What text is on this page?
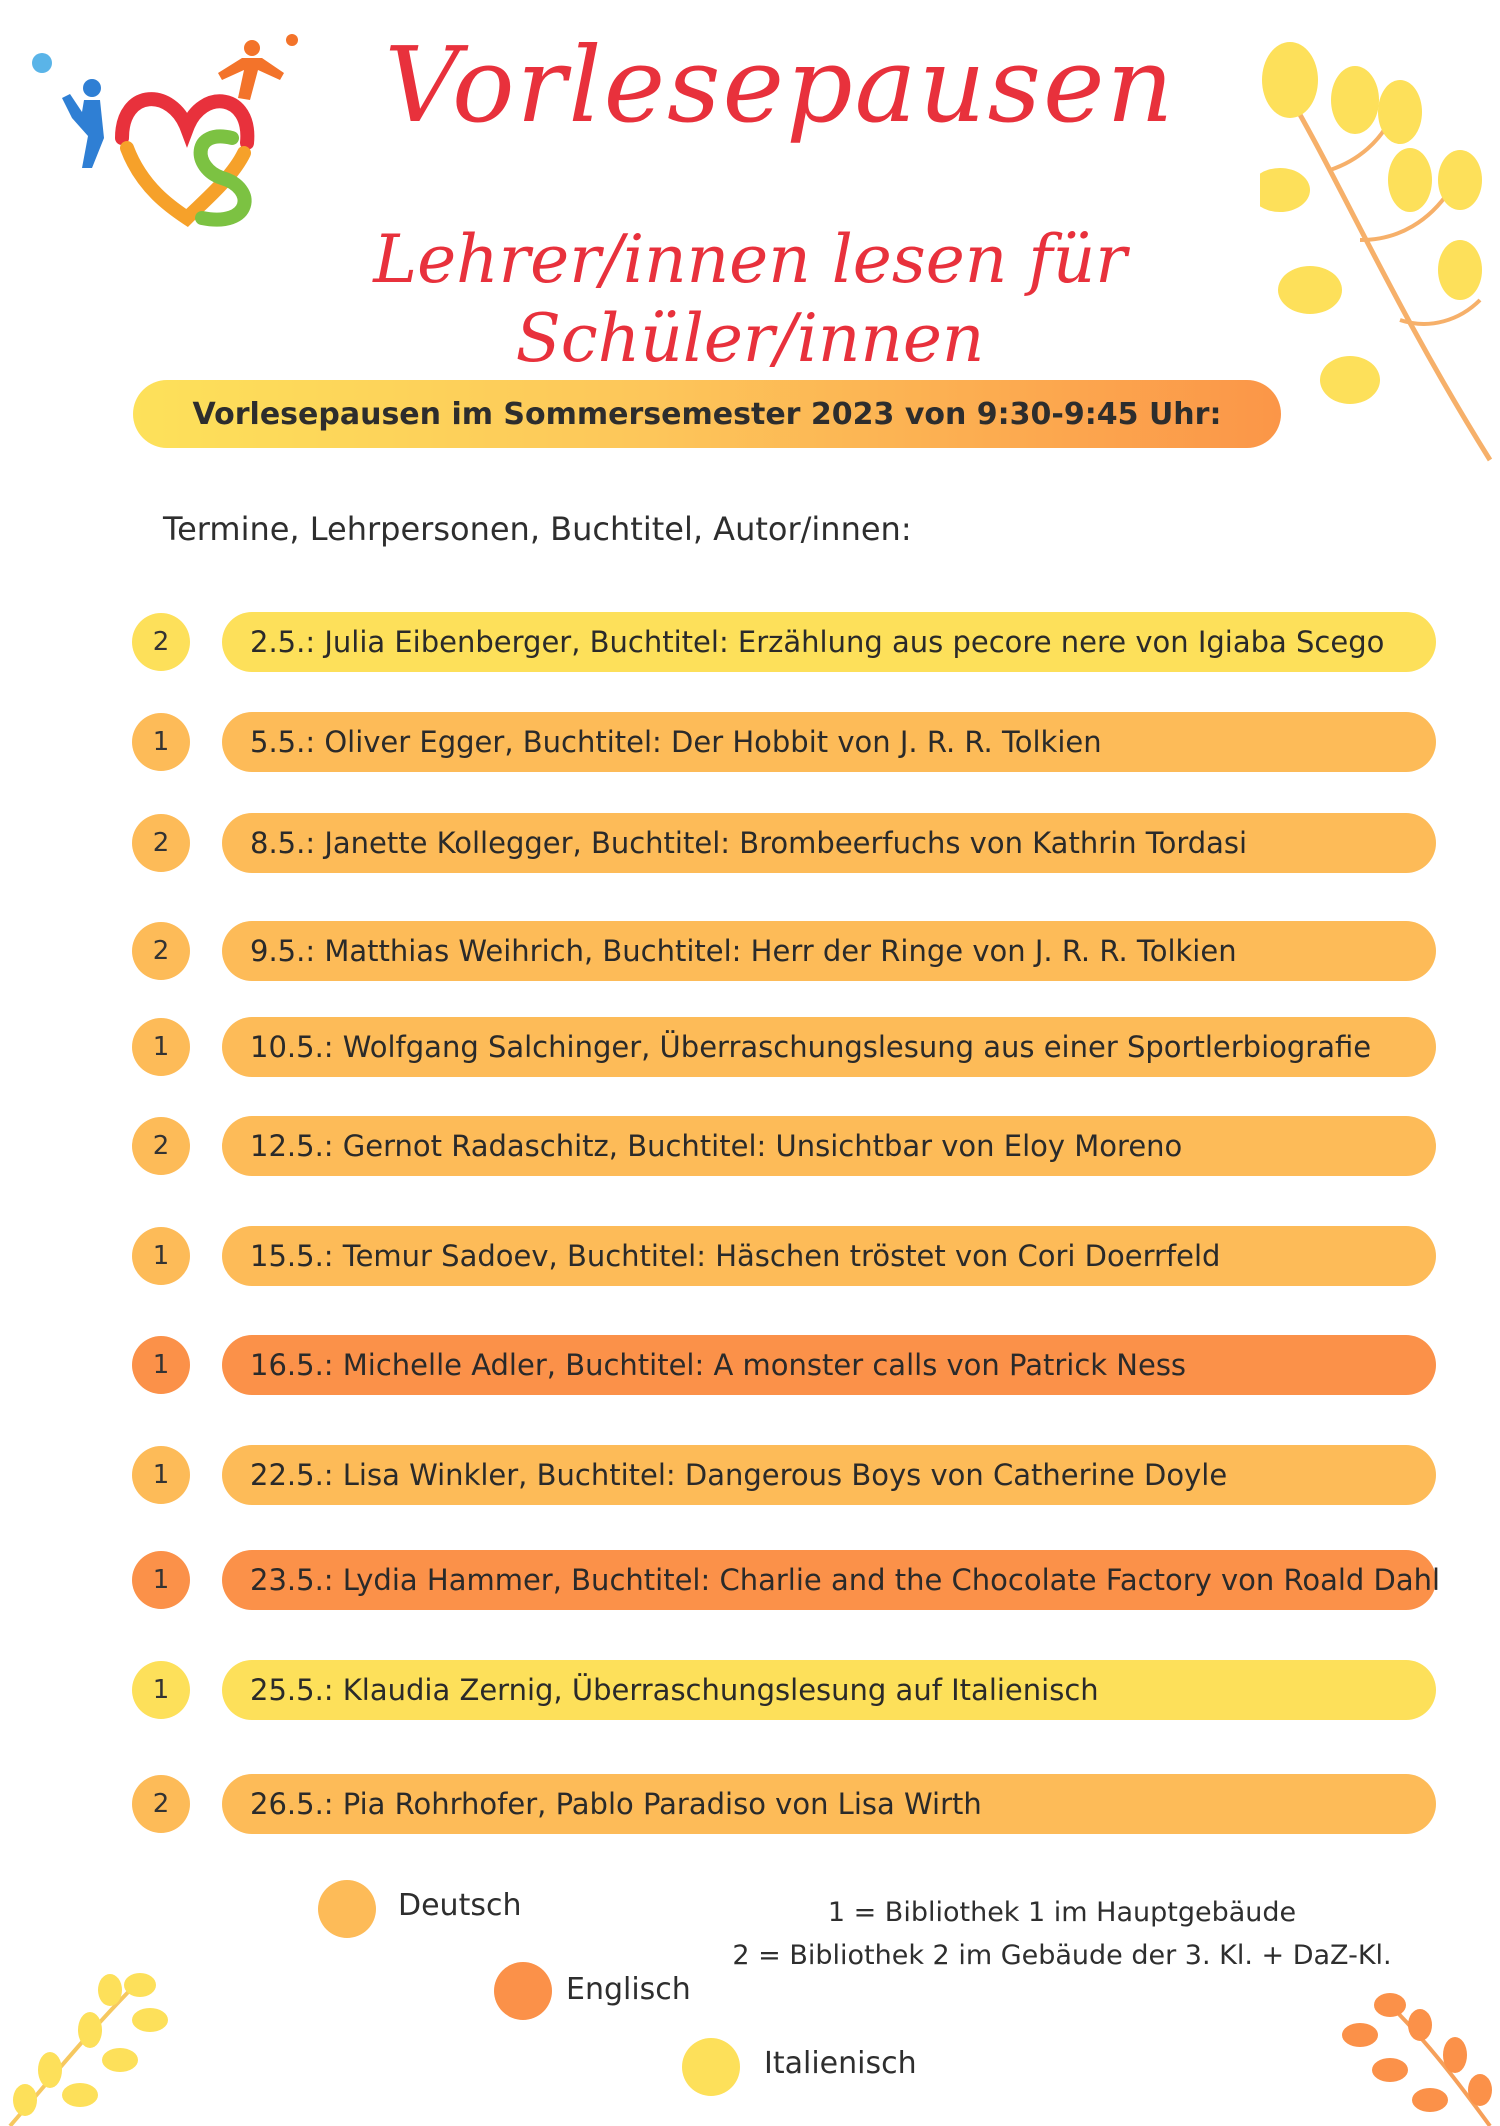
Vorlesepausen
Lehrer/innen lesen für Schüler/innen
Vorlesepausen im Sommersemester 2023 von 9:30-9:45 Uhr:
Termine, Lehrpersonen, Buchtitel, Autor/innen:
2	2.5.: Julia Eibenberger, Buchtitel: Erzählung aus pecore nere von Igiaba Scego
1	5.5.: Oliver Egger, Buchtitel: Der Hobbit von J. R. R. Tolkien
2	8.5.: Janette Kollegger, Buchtitel: Brombeerfuchs von Kathrin Tordasi
2	9.5.: Matthias Weihrich, Buchtitel: Herr der Ringe von J. R. R. Tolkien
1	10.5.: Wolfgang Salchinger, Überraschungslesung aus einer Sportlerbiografie
2	12.5.: Gernot Radaschitz, Buchtitel: Unsichtbar von Eloy Moreno
1	15.5.: Temur Sadoev, Buchtitel: Häschen tröstet von Cori Doerrfeld
1	16.5.: Michelle Adler, Buchtitel: A monster calls von Patrick Ness
1	22.5.: Lisa Winkler, Buchtitel: Dangerous Boys von Catherine Doyle
1	23.5.: Lydia Hammer, Buchtitel: Charlie and the Chocolate Factory von Roald Dahl
1	25.5.: Klaudia Zernig, Überraschungslesung auf Italienisch
2	26.5.: Pia Rohrhofer, Pablo Paradiso von Lisa Wirth
Deutsch
Englisch
Italienisch
1 = Bibliothek 1 im Hauptgebäude
2 = Bibliothek 2 im Gebäude der 3. Kl. + DaZ-Kl.
